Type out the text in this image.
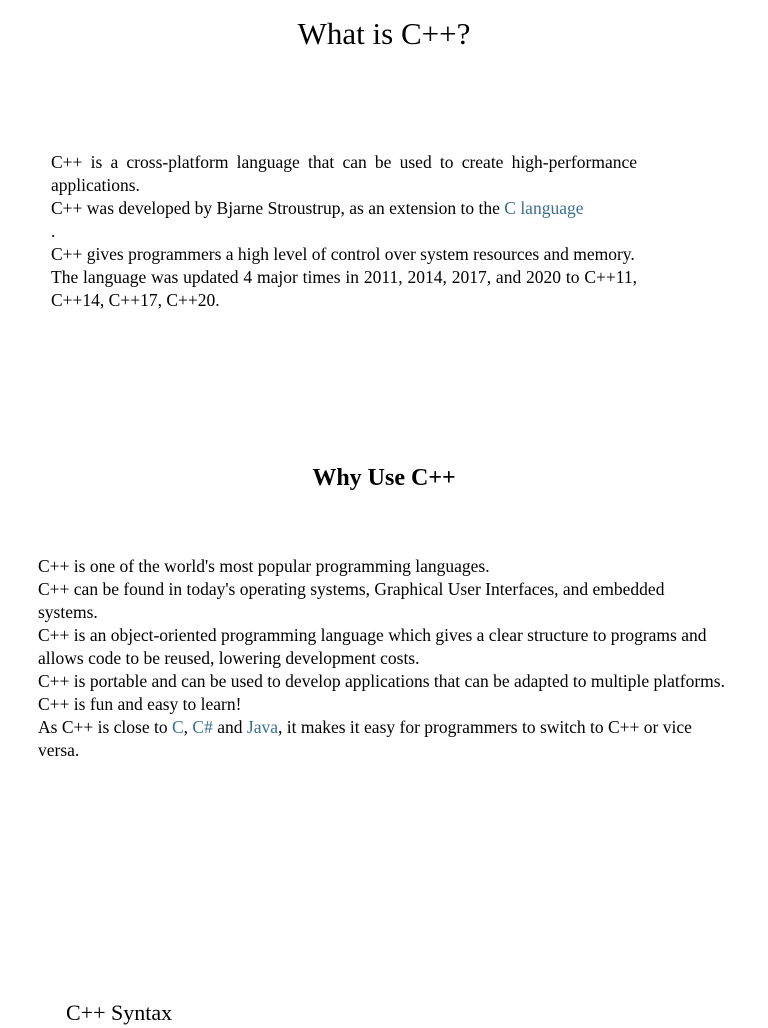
What is C++?

C++ is a cross-platform language that can be used to create high-performance applications.

C++ was developed by Bjarne Stroustrup, as an extension to the C language
.

C++ gives programmers a high level of control over system resources and memory.

The language was updated 4 major times in 2011, 2014, 2017, and 2020 to C++11, C++14, C++17, C++20.

Why Use C++

C++ is one of the world's most popular programming languages.

C++ can be found in today's operating systems, Graphical User Interfaces, and embedded systems.

C++ is an object-oriented programming language which gives a clear structure to programs and allows code to be reused, lowering development costs.

C++ is portable and can be used to develop applications that can be adapted to multiple platforms.

C++ is fun and easy to learn!

As C++ is close to C, C# and Java, it makes it easy for programmers to switch to C++ or vice versa.

C++ Syntax
